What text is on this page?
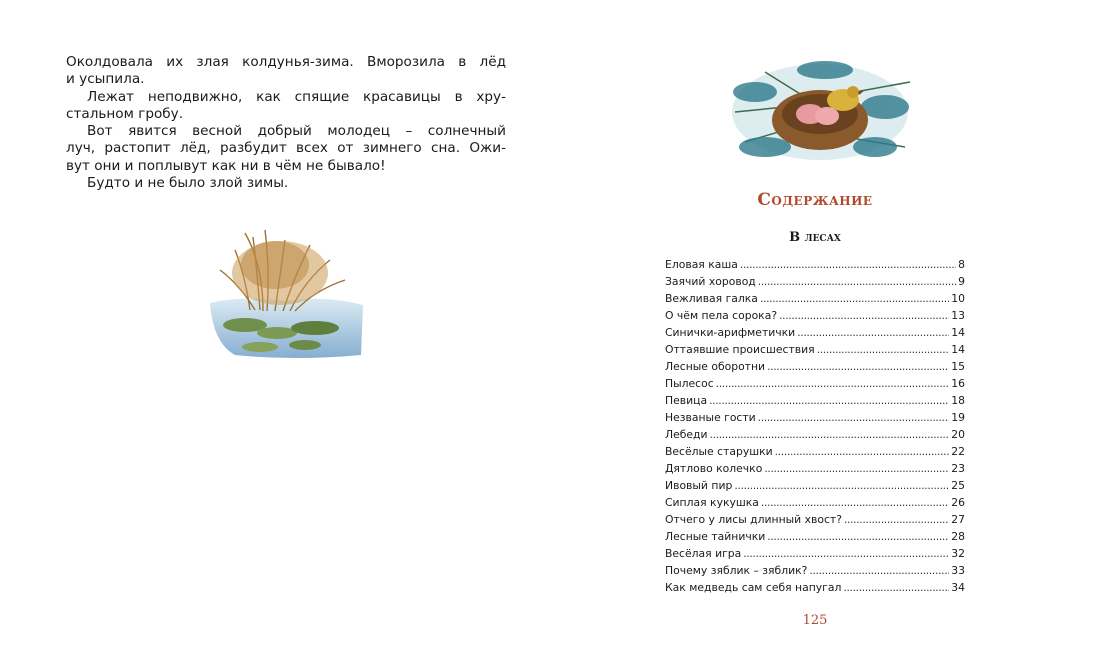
Околдовала их злая колдунья-зима. Вморозила в лёд
и усыпила.
Лежат неподвижно, как спящие красавицы в хру-
стальном гробу.
Вот явится весной добрый молодец – солнечный
луч, растопит лёд, разбудит всех от зимнего сна. Ожи-
вут они и поплывут как ни в чём не бывало!
Будто и не было злой зимы.
Содержание
В лесах
Еловая каша . . .	8
Заячий хоровод . . .	9
Вежливая галка . . .	10
О чём пела сорока? . . .	13
Синички-арифметички . . .	14
Оттаявшие происшествия . . .	14
Лесные оборотни . . .	15
Пылесос . . .	16
Певица . . .	18
Незваные гости . . .	19
Лебеди . . .	20
Весёлые старушки . . .	22
Дятлово колечко . . .	23
Ивовый пир . . .	25
Сиплая кукушка . . .	26
Отчего у лисы длинный хвост? . . .	27
Лесные тайнички . . .	28
Весёлая игра . . .	32
Почему зяблик – зяблик? . . .	33
Как медведь сам себя напугал . . .	34
125
